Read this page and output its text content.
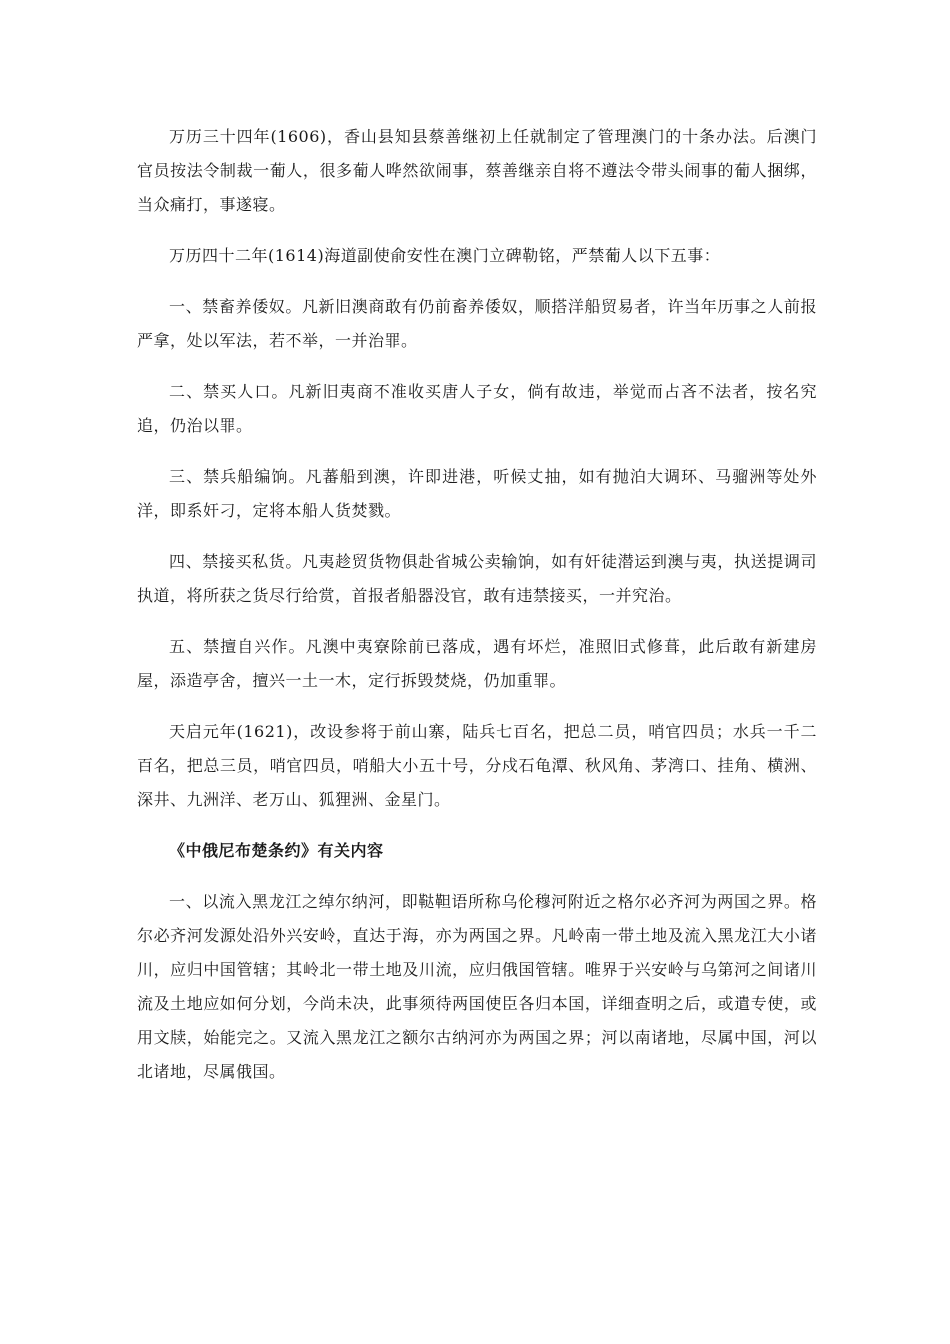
万历三十四年(1606)，香山县知县蔡善继初上任就制定了管理澳门的十条办法。后澳门官员按法令制裁一葡人，很多葡人哗然欲闹事，蔡善继亲自将不遵法令带头闹事的葡人捆绑，当众痛打，事遂寝。

万历四十二年(1614)海道副使俞安性在澳门立碑勒铭，严禁葡人以下五事：

一、禁畜养倭奴。凡新旧澳商敢有仍前畜养倭奴，顺搭洋船贸易者，许当年历事之人前报严拿，处以军法，若不举，一并治罪。

二、禁买人口。凡新旧夷商不准收买唐人子女，倘有故违，举觉而占吝不法者，按名究追，仍治以罪。

三、禁兵船编饷。凡蕃船到澳，许即进港，听候丈抽，如有抛泊大调环、马骝洲等处外洋，即系奸刁，定将本船人货焚戮。

四、禁接买私货。凡夷趁贸货物俱赴省城公卖输饷，如有奸徒潜运到澳与夷，执送提调司执道，将所获之货尽行给赏，首报者船器没官，敢有违禁接买，一并究治。

五、禁擅自兴作。凡澳中夷寮除前已落成，遇有坏烂，准照旧式修葺，此后敢有新建房屋，添造亭舍，擅兴一土一木，定行拆毁焚烧，仍加重罪。

天启元年(1621)，改设参将于前山寨，陆兵七百名，把总二员，哨官四员；水兵一千二百名，把总三员，哨官四员，哨船大小五十号，分戍石龟潭、秋风角、茅湾口、挂角、横洲、深井、九洲洋、老万山、狐狸洲、金星门。

《中俄尼布楚条约》有关内容

一、以流入黑龙江之绰尔纳河，即鞑靼语所称乌伦穆河附近之格尔必齐河为两国之界。格尔必齐河发源处沿外兴安岭，直达于海，亦为两国之界。凡岭南一带土地及流入黑龙江大小诸川，应归中国管辖；其岭北一带土地及川流，应归俄国管辖。唯界于兴安岭与乌第河之间诸川流及土地应如何分划，今尚未决，此事须待两国使臣各归本国，详细查明之后，或遣专使，或用文牍，始能完之。又流入黑龙江之额尔古纳河亦为两国之界；河以南诸地，尽属中国，河以北诸地，尽属俄国。
